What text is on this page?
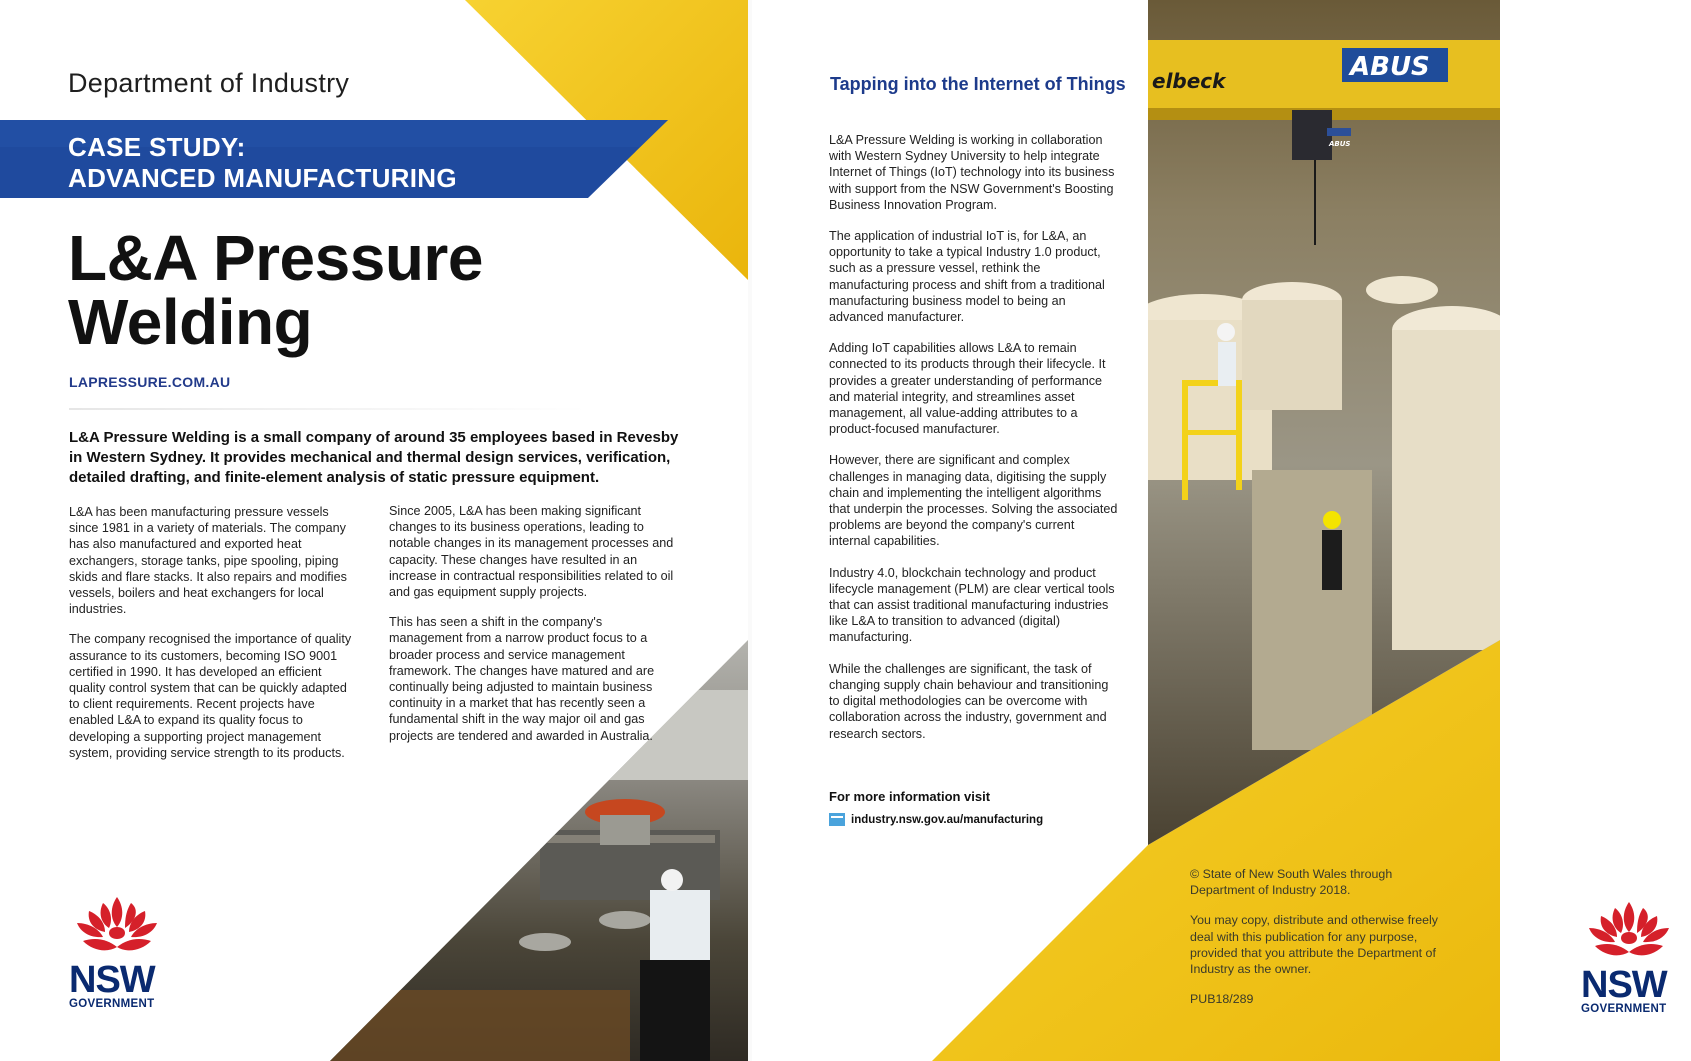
Department of Industry
CASE STUDY:
ADVANCED MANUFACTURING
L&A Pressure
Welding
LAPRESSURE.COM.AU
L&A Pressure Welding is a small company of around 35 employees based in Revesby in Western Sydney. It provides mechanical and thermal design services, verification, detailed drafting, and finite-element analysis of static pressure equipment.

L&A has been manufacturing pressure vessels since 1981 in a variety of materials. The company has also manufactured and exported heat exchangers, storage tanks, pipe spooling, piping skids and flare stacks. It also repairs and modifies vessels, boilers and heat exchangers for local industries.

The company recognised the importance of quality assurance to its customers, becoming ISO 9001 certified in 1990. It has developed an efficient quality control system that can be quickly adapted to client requirements. Recent projects have enabled L&A to expand its quality focus to developing a supporting project management system, providing service strength to its products.

Since 2005, L&A has been making significant changes to its business operations, leading to notable changes in its management processes and capacity. These changes have resulted in an increase in contractual responsibilities related to oil and gas equipment supply projects.

This has seen a shift in the company's management from a narrow product focus to a broader process and service management framework. The changes have matured and are continually being adjusted to maintain business continuity in a market that has recently seen a fundamental shift in the way major oil and gas projects are tendered and awarded in Australia.

NSW
GOVERNMENT
ABUS
ABUS
elbeck
Tapping into the Internet of Things

L&A Pressure Welding is working in collaboration with Western Sydney University to help integrate Internet of Things (IoT) technology into its business with support from the NSW Government's Boosting Business Innovation Program.

The application of industrial IoT is, for L&A, an opportunity to take a typical Industry 1.0 product, such as a pressure vessel, rethink the manufacturing process and shift from a traditional manufacturing business model to being an advanced manufacturer.

Adding IoT capabilities allows L&A to remain connected to its products through their lifecycle. It provides a greater understanding of performance and material integrity, and streamlines asset management, all value-adding attributes to a product-focused manufacturer.

However, there are significant and complex challenges in managing data, digitising the supply chain and implementing the intelligent algorithms that underpin the processes. Solving the associated problems are beyond the company's current internal capabilities.

Industry 4.0, blockchain technology and product lifecycle management (PLM) are clear vertical tools that can assist traditional manufacturing industries like L&A to transition to advanced (digital) manufacturing.

While the challenges are significant, the task of changing supply chain behaviour and transitioning to digital methodologies can be overcome with collaboration across the industry, government and research sectors.

For more information visit
industry.nsw.gov.au/manufacturing
NSW
GOVERNMENT

© State of New South Wales through Department of Industry 2018.

You may copy, distribute and otherwise freely deal with this publication for any purpose, provided that you attribute the Department of Industry as the owner.

PUB18/289
